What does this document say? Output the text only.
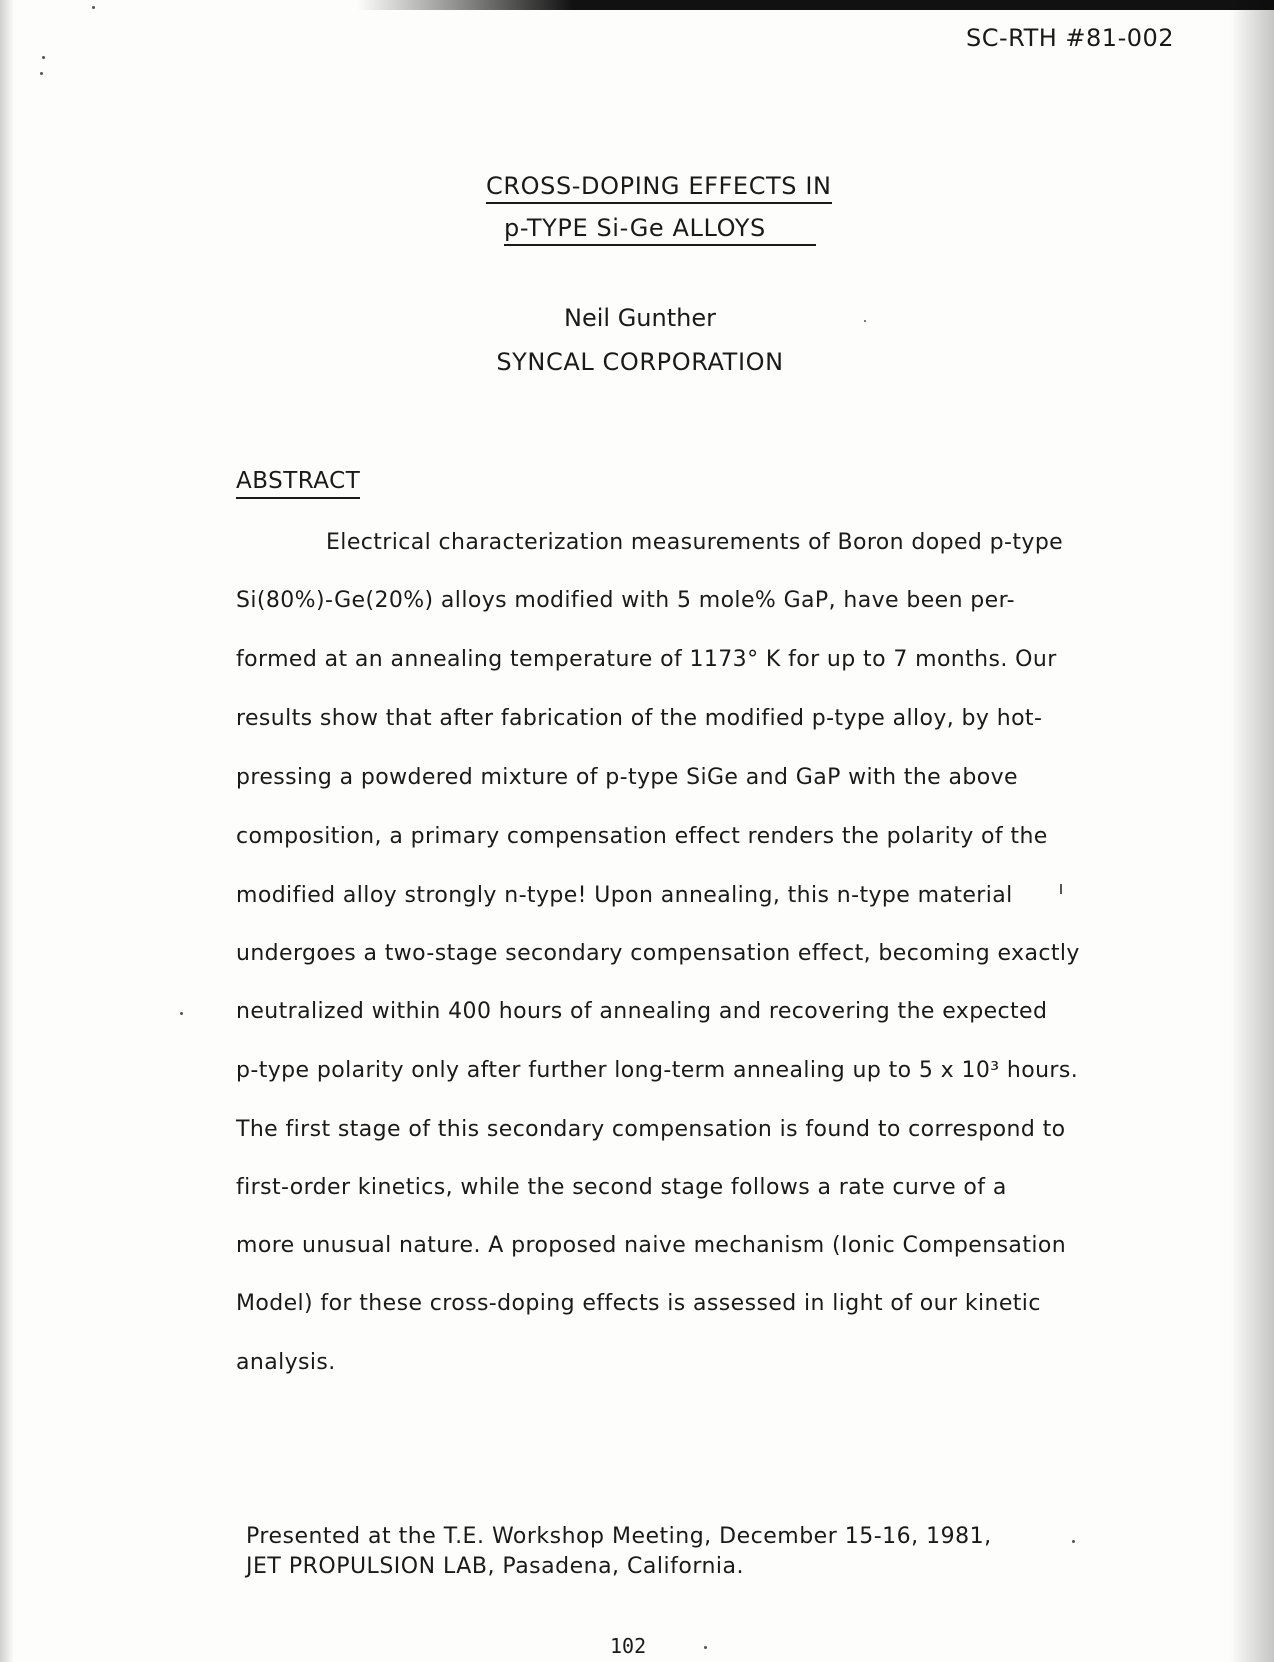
SC-RTH #81-002
CROSS-DOPING EFFECTS IN
p-TYPE Si-Ge ALLOYS
Neil Gunther
SYNCAL CORPORATION
ABSTRACT
Electrical characterization measurements of Boron doped p-type
Si(80%)-Ge(20%) alloys modified with 5 mole% GaP, have been per-
formed at an annealing temperature of 1173° K for up to 7 months. Our
results show that after fabrication of the modified p-type alloy, by hot-
pressing a powdered mixture of p-type SiGe and GaP with the above
composition, a primary compensation effect renders the polarity of the
modified alloy strongly n-type! Upon annealing, this n-type material
undergoes a two-stage secondary compensation effect, becoming exactly
neutralized within 400 hours of annealing and recovering the expected
p-type polarity only after further long-term annealing up to 5 x 10³ hours.
The first stage of this secondary compensation is found to correspond to
first-order kinetics, while the second stage follows a rate curve of a
more unusual nature. A proposed naive mechanism (Ionic Compensation
Model) for these cross-doping effects is assessed in light of our kinetic
analysis.
Presented at the T.E. Workshop Meeting, December 15-16, 1981,
JET PROPULSION LAB, Pasadena, California.
102
